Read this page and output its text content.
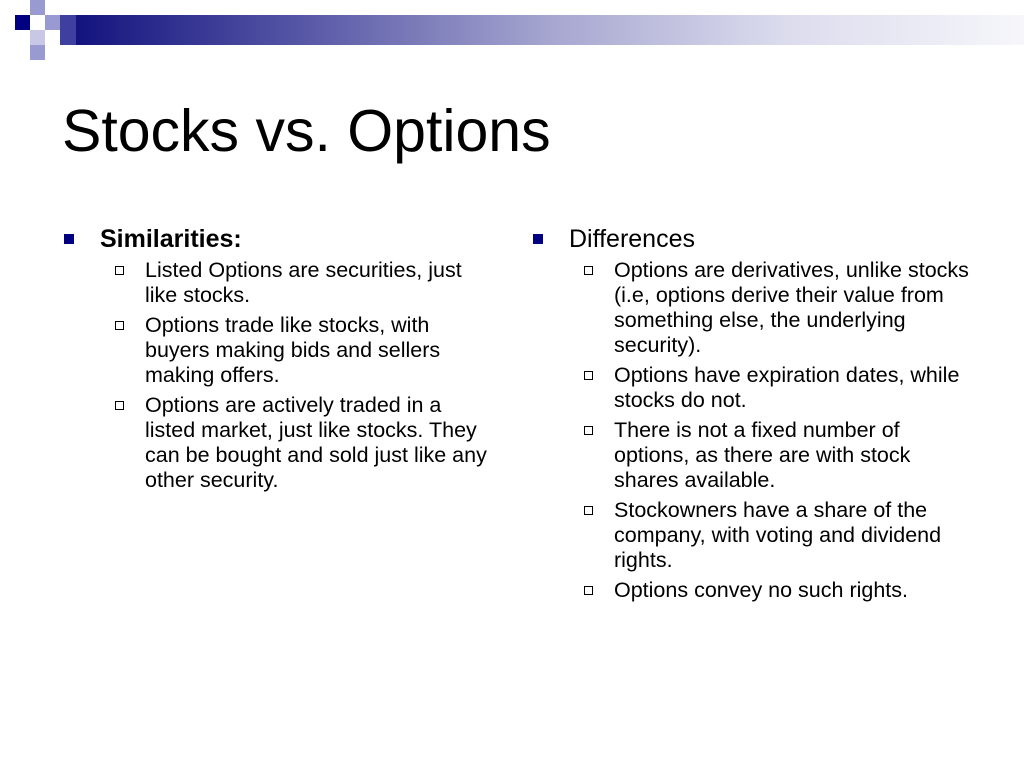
Stocks vs. Options
Similarities:
Listed Options are securities, just like stocks.
Options trade like stocks, with buyers making bids and sellers making offers.
Options are actively traded in a listed market, just like stocks. They can be bought and sold just like any other security.
Differences
Options are derivatives, unlike stocks (i.e, options derive their value from something else, the underlying security).
Options have expiration dates, while stocks do not.
There is not a fixed number of options, as there are with stock shares available.
Stockowners have a share of the company, with voting and dividend rights.
Options convey no such rights.
